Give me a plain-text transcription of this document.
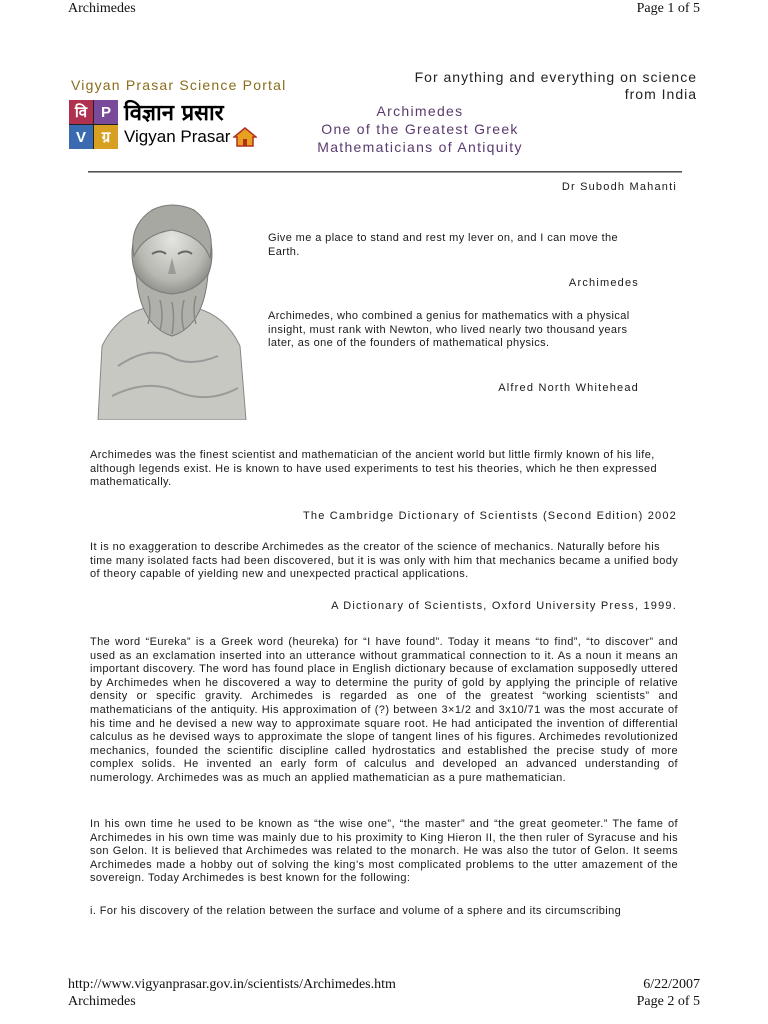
Archimedes	Page 1 of 5
Vigyan Prasar Science Portal	For anything and everything on science
from India
वि P
V	ग्र
विज्ञान प्रसार
Vigyan Prasar
Archimedes
One of the Greatest Greek
Mathematicians of Antiquity
Dr Subodh Mahanti
Give me a place to stand and rest my lever on, and I can move the Earth.
Archimedes
Archimedes, who combined a genius for mathematics with a physical insight, must rank with Newton, who lived nearly two thousand years later, as one of the founders of mathematical physics.
Alfred North Whitehead
Archimedes was the finest scientist and mathematician of the ancient world but little firmly known of his life, although legends exist. He is known to have used experiments to test his theories, which he then expressed mathematically.
The Cambridge Dictionary of Scientists (Second Edition) 2002
It is no exaggeration to describe Archimedes as the creator of the science of mechanics. Naturally before his time many isolated facts had been discovered, but it is was only with him that mechanics became a unified body of theory capable of yielding new and unexpected practical applications.
A Dictionary of Scientists, Oxford University Press, 1999.
The word “Eureka” is a Greek word (heureka) for “I have found”. Today it means “to find”, “to discover” and used as an exclamation inserted into an utterance without grammatical connection to it. As a noun it means an important discovery. The word has found place in English dictionary because of exclamation supposedly uttered by Archimedes when he discovered a way to determine the purity of gold by applying the principle of relative density or specific gravity. Archimedes is regarded as one of the greatest “working scientists” and mathematicians of the antiquity. His approximation of (?) between 3×1/2 and 3x10/71 was the most accurate of his time and he devised a new way to approximate square root. He had anticipated the invention of differential calculus as he devised ways to approximate the slope of tangent lines of his figures. Archimedes revolutionized mechanics, founded the scientific discipline called hydrostatics and established the precise study of more complex solids. He invented an early form of calculus and developed an advanced understanding of numerology. Archimedes was as much an applied mathematician as a pure mathematician.
In his own time he used to be known as “the wise one”, “the master” and “the great geometer.” The fame of Archimedes in his own time was mainly due to his proximity to King Hieron II, the then ruler of Syracuse and his son Gelon. It is believed that Archimedes was related to the monarch. He was also the tutor of Gelon. It seems Archimedes made a hobby out of solving the king’s most complicated problems to the utter amazement of the sovereign. Today Archimedes is best known for the following:
i. For his discovery of the relation between the surface and volume of a sphere and its circumscribing
http://www.vigyanprasar.gov.in/scientists/Archimedes.htm	6/22/2007
Archimedes	Page 2 of 5
